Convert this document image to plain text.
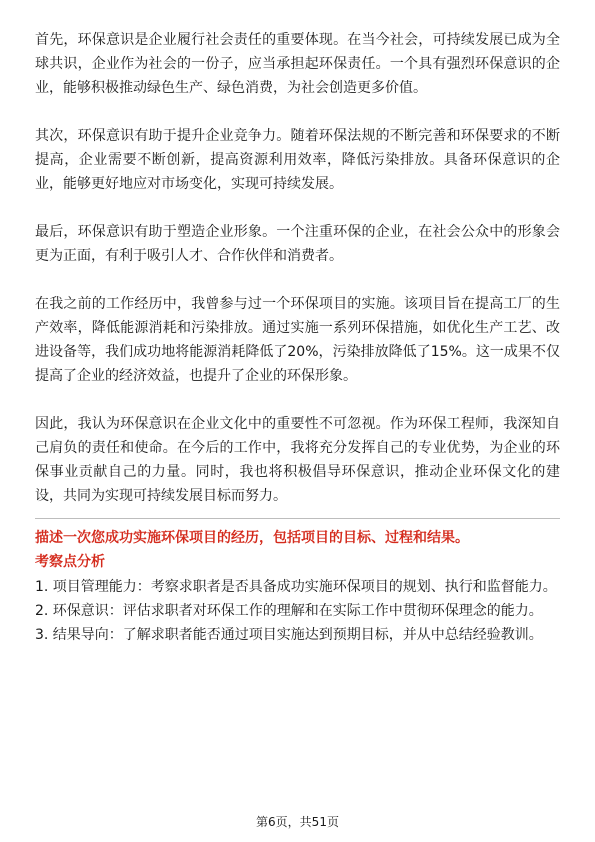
首先，环保意识是企业履行社会责任的重要体现。在当今社会，可持续发展已成为全球共识，企业作为社会的一份子，应当承担起环保责任。一个具有强烈环保意识的企业，能够积极推动绿色生产、绿色消费，为社会创造更多价值。

其次，环保意识有助于提升企业竞争力。随着环保法规的不断完善和环保要求的不断提高，企业需要不断创新，提高资源利用效率，降低污染排放。具备环保意识的企业，能够更好地应对市场变化，实现可持续发展。

最后，环保意识有助于塑造企业形象。一个注重环保的企业，在社会公众中的形象会更为正面，有利于吸引人才、合作伙伴和消费者。

在我之前的工作经历中，我曾参与过一个环保项目的实施。该项目旨在提高工厂的生产效率，降低能源消耗和污染排放。通过实施一系列环保措施，如优化生产工艺、改进设备等，我们成功地将能源消耗降低了20%，污染排放降低了15%。这一成果不仅提高了企业的经济效益，也提升了企业的环保形象。

因此，我认为环保意识在企业文化中的重要性不可忽视。作为环保工程师，我深知自己肩负的责任和使命。在今后的工作中，我将充分发挥自己的专业优势，为企业的环保事业贡献自己的力量。同时，我也将积极倡导环保意识，推动企业环保文化的建设，共同为实现可持续发展目标而努力。

描述一次您成功实施环保项目的经历，包括项目的目标、过程和结果。

考察点分析

1. 项目管理能力：考察求职者是否具备成功实施环保项目的规划、执行和监督能力。
2. 环保意识：评估求职者对环保工作的理解和在实际工作中贯彻环保理念的能力。
3. 结果导向：了解求职者能否通过项目实施达到预期目标，并从中总结经验教训。
第6页，共51页
